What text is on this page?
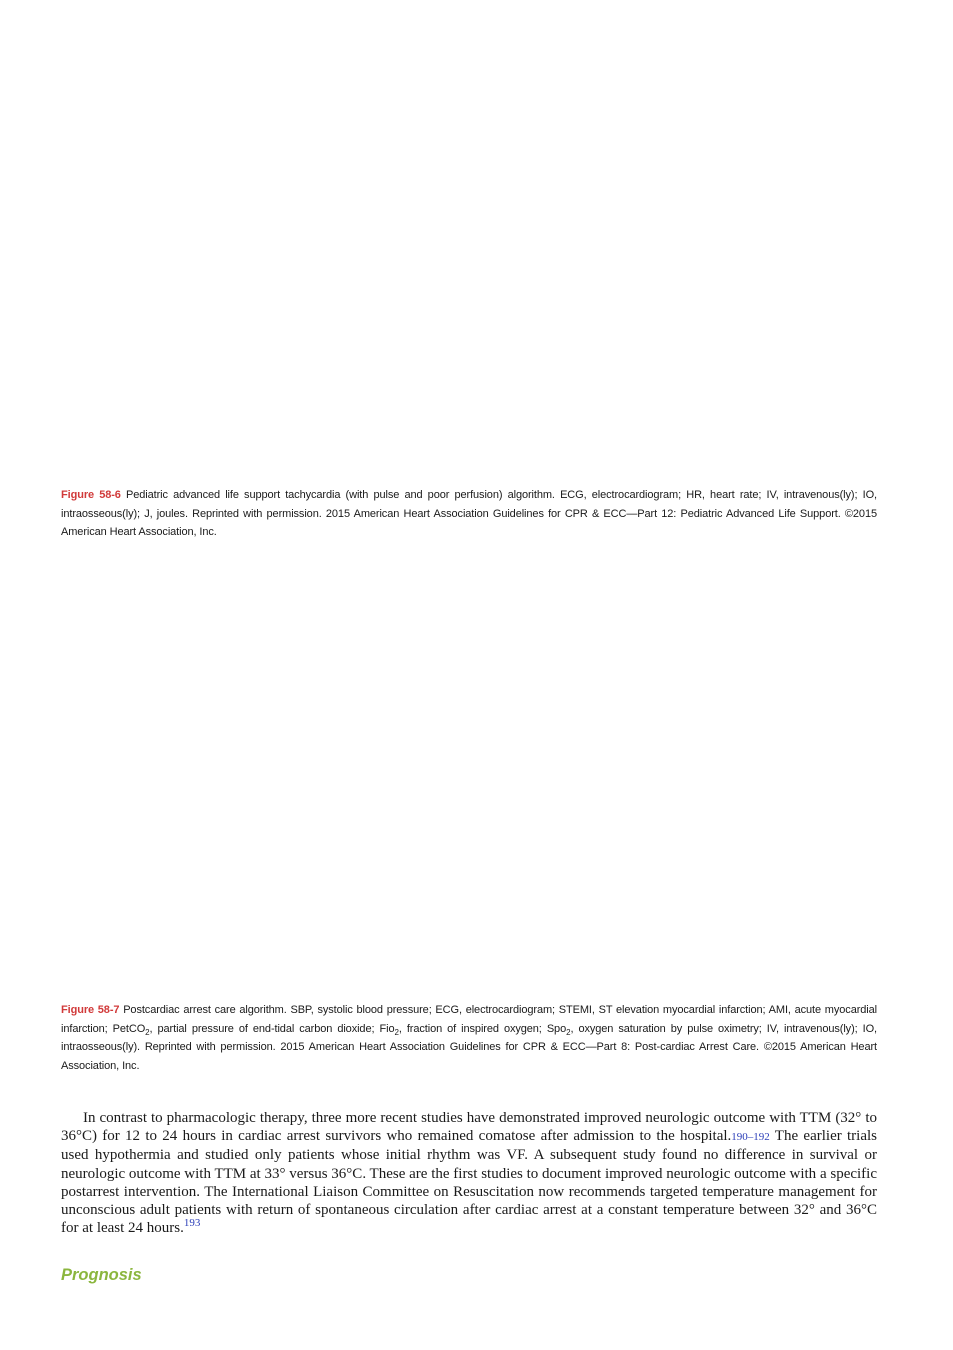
Figure 58-6 Pediatric advanced life support tachycardia (with pulse and poor perfusion) algorithm. ECG, electrocardiogram; HR, heart rate; IV, intravenous(ly); IO, intraosseous(ly); J, joules. Reprinted with permission. 2015 American Heart Association Guidelines for CPR & ECC—Part 12: Pediatric Advanced Life Support. ©2015 American Heart Association, Inc.
Figure 58-7 Postcardiac arrest care algorithm. SBP, systolic blood pressure; ECG, electrocardiogram; STEMI, ST elevation myocardial infarction; AMI, acute myocardial infarction; PetCO$_2$, partial pressure of end-tidal carbon dioxide; Fio$_2$, fraction of inspired oxygen; Spo$_2$, oxygen saturation by pulse oximetry; IV, intravenous(ly); IO, intraosseous(ly). Reprinted with permission. 2015 American Heart Association Guidelines for CPR & ECC—Part 8: Post-cardiac Arrest Care. ©2015 American Heart Association, Inc.

In contrast to pharmacologic therapy, three more recent studies have demonstrated improved neurologic outcome with TTM (32° to 36°C) for 12 to 24 hours in cardiac arrest survivors who remained comatose after admission to the hospital.190–192 The earlier trials used hypothermia and studied only patients whose initial rhythm was VF. A subsequent study found no difference in survival or neurologic outcome with TTM at 33° versus 36°C. These are the first studies to document improved neurologic outcome with a specific postarrest intervention. The International Liaison Committee on Resuscitation now recommends targeted temperature management for unconscious adult patients with return of spontaneous circulation after cardiac arrest at a constant temperature between 32° and 36°C for at least 24 hours.$^{193}$

Prognosis
